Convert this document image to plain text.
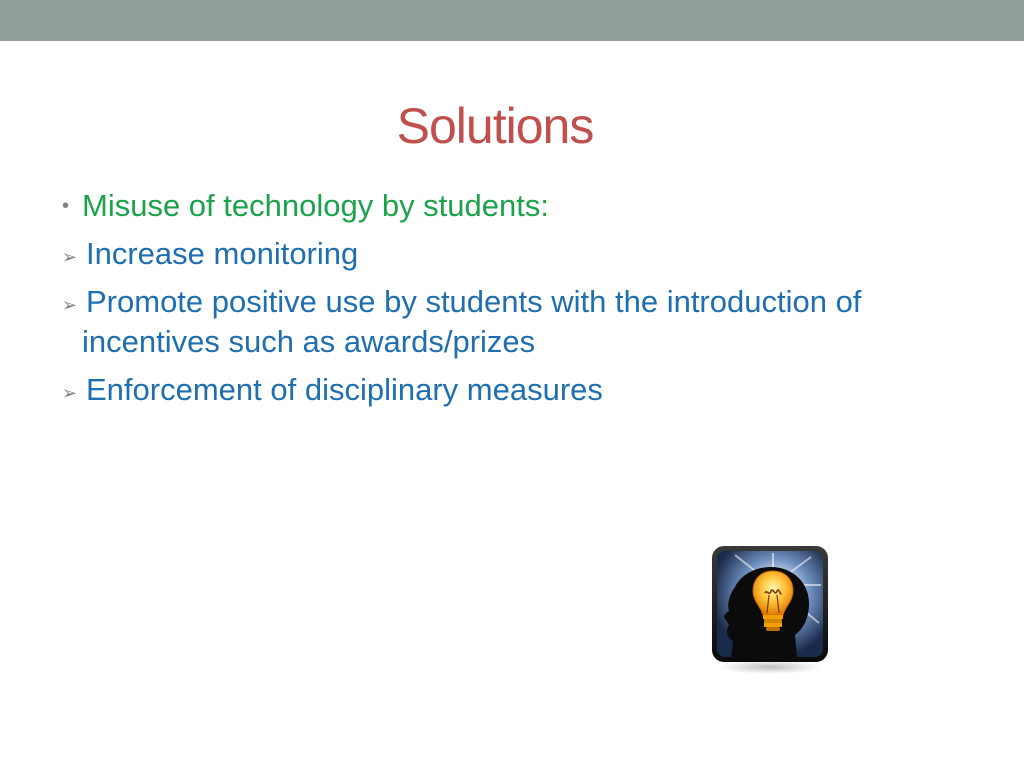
Solutions
• Misuse of technology by students:
➢ Increase monitoring
➢ Promote positive use by students with the introduction of
incentives such as awards/prizes
➢ Enforcement of disciplinary measures
